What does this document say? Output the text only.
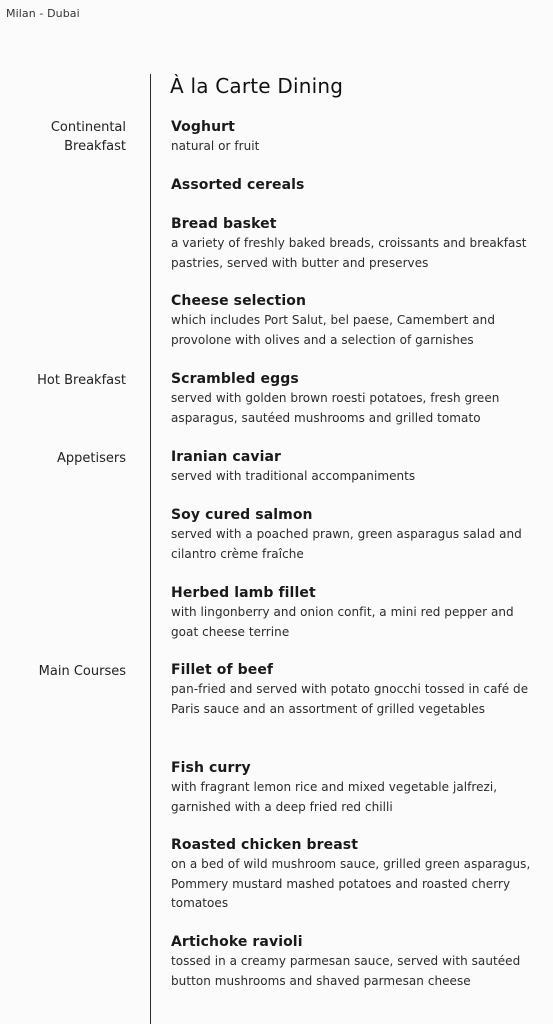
Milan - Dubai
À la Carte Dining
Continental
Breakfast
Hot Breakfast
Appetisers
Main Courses
Voghurt
natural or fruit
Assorted cereals
Bread basket
a variety of freshly baked breads, croissants and breakfast pastries, served with butter and preserves
Cheese selection
which includes Port Salut, bel paese, Camembert and provolone with olives and a selection of garnishes
Scrambled eggs
served with golden brown roesti potatoes, fresh green asparagus, sautéed mushrooms and grilled tomato
Iranian caviar
served with traditional accompaniments
Soy cured salmon
served with a poached prawn, green asparagus salad and cilantro crème fraîche
Herbed lamb fillet
with lingonberry and onion confit, a mini red pepper and goat cheese terrine
Fillet of beef
pan-fried and served with potato gnocchi tossed in café de Paris sauce and an assortment of grilled vegetables
Fish curry
with fragrant lemon rice and mixed vegetable jalfrezi, garnished with a deep fried red chilli
Roasted chicken breast
on a bed of wild mushroom sauce, grilled green asparagus, Pommery mustard mashed potatoes and roasted cherry tomatoes
Artichoke ravioli
tossed in a creamy parmesan sauce, served with sautéed button mushrooms and shaved parmesan cheese
